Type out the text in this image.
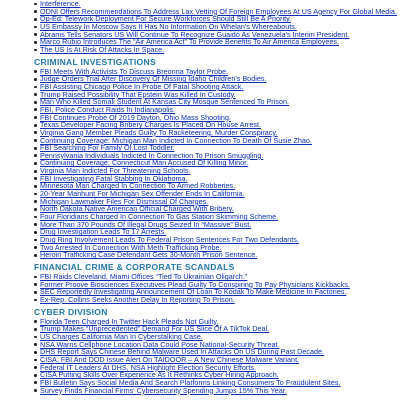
Interference.
ODNI Offers Recommendations To Address Lax Vetting Of Foreign Employees At US Agency For Global Media.
Op-Ed: Telework Deployment For Secure Workforces Should Still Be A Priority.
US Embassy In Moscow Says It Has No Information On Whelan's Whereabouts.
Abrams Tells Senators US Will Continue To Recognize Guaidó As Venezuela's Interim President.
Marco Rubio Introduces The “Air America Act” To Provide Benefits To Air America Employees.
The US Is At Risk Of Attacks In Space.
CRIMINAL INVESTIGATIONS
FBI Meets With Activists To Discuss Breonna Taylor Probe.
Judge Orders Trial After Discovery Of Missing Idaho Children's Bodies.
FBI Assisting Chicago Police In Probe Of Fatal Shooting Attack.
Trump Raised Possibility That Epstein Was Killed In Custody.
Man Who Killed Somali Student At Kansas City Mosque Sentenced To Prison.
FBI, Police Conduct Raids In Indianapolis.
FBI Continues Probe Of 2019 Dayton, Ohio Mass Shooting.
Texas Developer Facing Bribery Charges Is Placed On House Arrest.
Virginia Gang Member Pleads Guilty To Racketeering, Murder Conspiracy.
Continuing Coverage: Michigan Man Indicted In Connection To Death Of Susie Zhao.
FBI Searching For Family Of Lost Toddler.
Pennsylvania Individuals Indicted In Connection To Prison Smuggling.
Continuing Coverage: Connecticut Man Accused Of Killing Minor.
Virginia Man Indicted For Threatening Schools.
FBI Investigating Fatal Stabbing In Oklahoma.
Minnesota Man Charged In Connection To Armed Robberies.
20-Year Manhunt For Michigan Sex Offender Ends In California.
Michigan Lawmaker Files For Dismissal Of Charges.
North Dakota Native American Official Charged With Bribery.
Four Floridians Charged In Connection To Gas Station Skimming Scheme.
More Than 370 Pounds Of Illegal Drugs Seized In “Massive” Bust.
Drug Investigation Leads To 17 Arrests.
Drug Ring Involvement Leads To Federal Prison Sentences For Two Defendants.
Two Arrested In Connection With Meth Trafficking Probe.
Heroin Trafficking Case Defendant Gets 30-Month Prison Sentence.
FINANCIAL CRIME & CORPORATE SCANDALS
FBI Raids Cleveland, Miami Offices “Tied To Ukrainian Oligarch.”
Former Proove Biosciences Executives Plead Guilty To Conspiring To Pay Physicians Kickbacks.
SEC Reportedly Investigating Announcement Of Loan To Kodak To Make Medicine In Factories.
Ex-Rep. Collins Seeks Another Delay In Reporting To Prison.
CYBER DIVISION
Florida Teen Charged In Twitter Hack Pleads Not Guilty.
Trump Makes “Unprecedented” Demand For US Slice Of A TikTok Deal.
US Charges California Man In Cyberstalking Case.
NSA Warns Cellphone Location Data Could Pose National-Security Threat.
DHS Report Says Chinese Behind Malware Used In Attacks On US During Past Decade.
CISA, FBI And DOD Issue Alert On TAIDOOR – A New Chinese Malware Variant.
Federal IT Leaders At DHS, NSA Highlight Election Security Efforts.
CISA Putting Skills Over Experience As It Rethinks Cyber Hiring Approach.
FBI Bulletin Says Social Media And Search Platforms Linking Consumers To Fraudulent Sites.
Survey Finds Financial Firms' Cybersecurity Spending Jumps 15% This Year.
